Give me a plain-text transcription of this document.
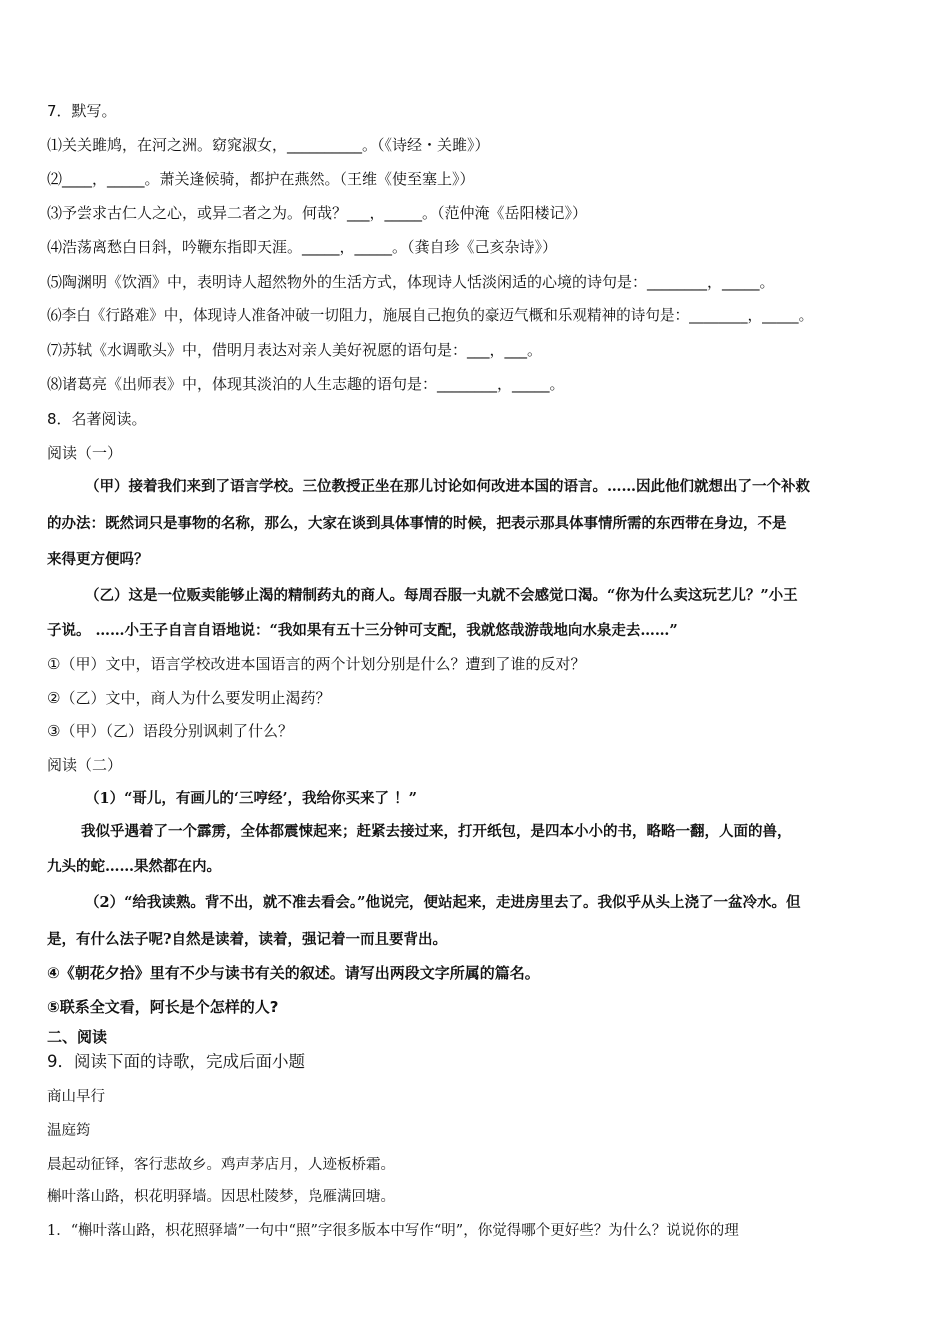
7．默写。
⑴关关雎鸠，在河之洲。窈窕淑女，__________。（《诗经・关雎》）
⑵____，_____。萧关逢候骑，都护在燕然。（王维《使至塞上》）
⑶予尝求古仁人之心，或异二者之为。何哉？___，_____。（范仲淹《岳阳楼记》）
⑷浩荡离愁白日斜，吟鞭东指即天涯。_____，_____。（龚自珍《己亥杂诗》）
⑸陶渊明《饮酒》中，表明诗人超然物外的生活方式，体现诗人恬淡闲适的心境的诗句是：________，_____。
⑹李白《行路难》中，体现诗人准备冲破一切阻力，施展自己抱负的豪迈气概和乐观精神的诗句是：________，_____。
⑺苏轼《水调歌头》中，借明月表达对亲人美好祝愿的语句是：___，___。
⑻诸葛亮《出师表》中，体现其淡泊的人生志趣的语句是：________，_____。
8．名著阅读。
阅读（一）
（甲）接着我们来到了语言学校。三位教授正坐在那儿讨论如何改进本国的语言。……因此他们就想出了一个补救
的办法：既然词只是事物的名称，那么，大家在谈到具体事情的时候，把表示那具体事情所需的东西带在身边，不是
来得更方便吗？
（乙）这是一位贩卖能够止渴的精制药丸的商人。每周吞服一丸就不会感觉口渴。“你为什么卖这玩艺儿？”小王
子说。 ……小王子自言自语地说：“我如果有五十三分钟可支配，我就悠哉游哉地向水泉走去……”
①（甲）文中，语言学校改进本国语言的两个计划分别是什么？遭到了谁的反对？
②（乙）文中，商人为什么要发明止渴药？
③（甲）（乙）语段分别讽刺了什么？
阅读（二）
（1）“哥儿，有画儿的‘三哼经’，我给你买来了 ！”
我似乎遇着了一个霹雳，全体都震悚起来；赶紧去接过来，打开纸包，是四本小小的书，略略一翻，人面的兽，
九头的蛇……果然都在内。
（2）“给我读熟。背不出，就不准去看会。”他说完，便站起来，走进房里去了。我似乎从头上浇了一盆冷水。但
是，有什么法子呢?自然是读着，读着，强记着一而且要背出。
④《朝花夕拾》里有不少与读书有关的叙述。请写出两段文字所属的篇名。
⑤联系全文看，阿长是个怎样的人?
二、阅读
9．阅读下面的诗歌，完成后面小题
商山早行
温庭筠
晨起动征铎，客行悲故乡。鸡声茅店月，人迹板桥霜。
槲叶落山路，枳花明驿墙。因思杜陵梦，凫雁满回塘。
1．“槲叶落山路，枳花照驿墙”一句中“照”字很多版本中写作“明”，你觉得哪个更好些？为什么？说说你的理
